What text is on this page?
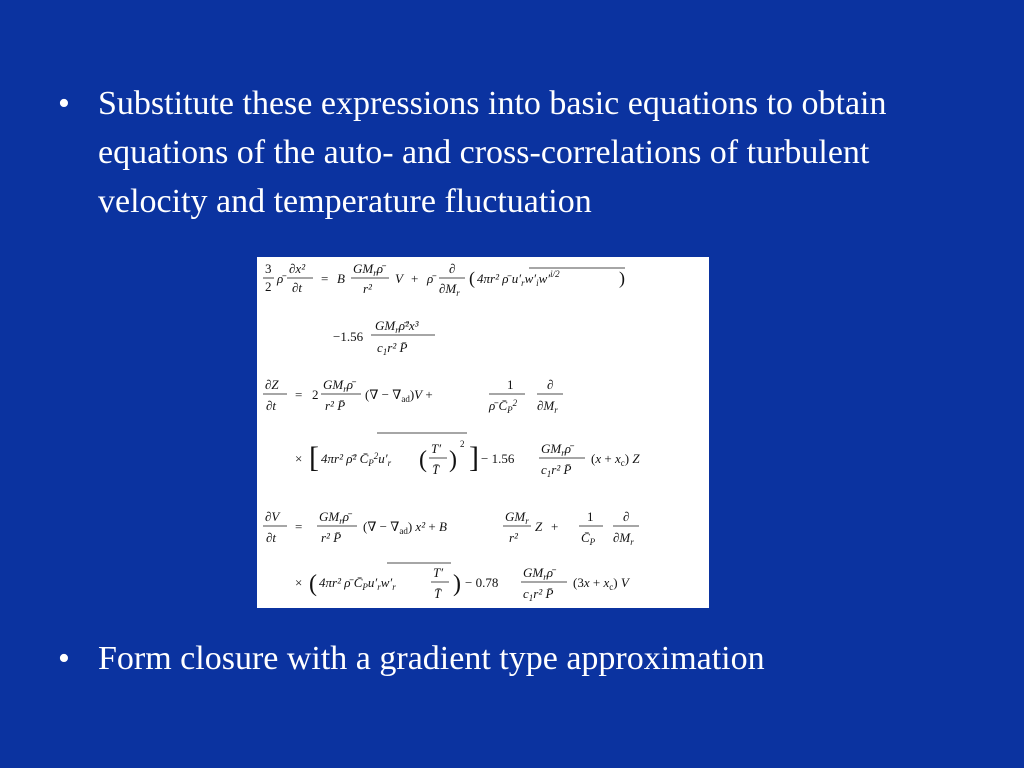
• Substitute these expressions into basic equations to obtain equations of the auto- and cross-correlations of turbulent velocity and temperature fluctuation
3
2
ρ̄
∂x²
∂t
= B
$GM_r\rhō$
r²
V + ρ̄
∂
$\partial M_r$
( 4πr² ρ̄ $u'_rw'_iw'^{i/2}$	)
−1.56
$GM_r\rhō^2x^3$
$c_1r^2$ P̄
∂Z
∂t
= 2
$GM_r\rhō$
r² P̄
(∇ − $\nabla_{ad})V$ +
1
ρ̄ $C̄_P^2$
∂
$\partial M_r$
× [ 4πr² ρ̄² $C̄_P^2u'_r$ ( T′
T̄ )
2 ] − 1.56
$GM_r\rhō$
$c_1r^2$ P̄
$(x + x_c)$ Z
∂V
∂t
=
$GM_r\rhō$
r² P̄
(∇ − $\nabla_{ad}$) x² + B
$GM_r$
r²
Z +
1
$C̄_P$
∂
$\partial M_r$
× ( 4πr² ρ̄ $C̄_Pu'_rw'_r$
T′
T̄ ) − 0.78
$GM_r\rhō$
$c_1r^2$ P̄
$(3x + x_c)$ V
• Form closure with a gradient type approximation
